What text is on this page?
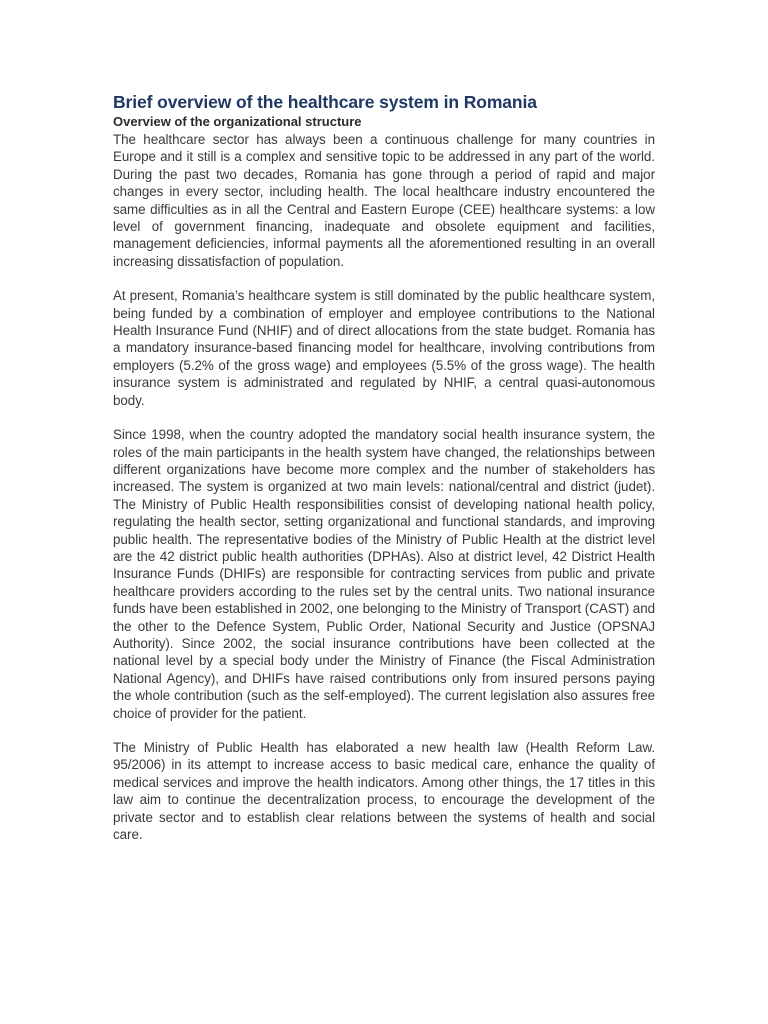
Brief overview of the healthcare system in Romania
Overview of the organizational structure

The healthcare sector has always been a continuous challenge for many countries in Europe and it still is a complex and sensitive topic to be addressed in any part of the world. During the past two decades, Romania has gone through a period of rapid and major changes in every sector, including health. The local healthcare industry encountered the same difficulties as in all the Central and Eastern Europe (CEE) healthcare systems: a low level of government financing, inadequate and obsolete equipment and facilities, management deficiencies, informal payments all the aforementioned resulting in an overall increasing dissatisfaction of population.

At present, Romania’s healthcare system is still dominated by the public healthcare system, being funded by a combination of employer and employee contributions to the National Health Insurance Fund (NHIF) and of direct allocations from the state budget. Romania has a mandatory insurance-based financing model for healthcare, involving contributions from employers (5.2% of the gross wage) and employees (5.5% of the gross wage). The health insurance system is administrated and regulated by NHIF, a central quasi-autonomous body.

Since 1998, when the country adopted the mandatory social health insurance system, the roles of the main participants in the health system have changed, the relationships between different organizations have become more complex and the number of stakeholders has increased. The system is organized at two main levels: national/central and district (judet). The Ministry of Public Health responsibilities consist of developing national health policy, regulating the health sector, setting organizational and functional standards, and improving public health. The representative bodies of the Ministry of Public Health at the district level are the 42 district public health authorities (DPHAs). Also at district level, 42 District Health Insurance Funds (DHIFs) are responsible for contracting services from public and private healthcare providers according to the rules set by the central units. Two national insurance funds have been established in 2002, one belonging to the Ministry of Transport (CAST) and the other to the Defence System, Public Order, National Security and Justice (OPSNAJ Authority). Since 2002, the social insurance contributions have been collected at the national level by a special body under the Ministry of Finance (the Fiscal Administration National Agency), and DHIFs have raised contributions only from insured persons paying the whole contribution (such as the self-employed). The current legislation also assures free choice of provider for the patient.

The Ministry of Public Health has elaborated a new health law (Health Reform Law. 95/2006) in its attempt to increase access to basic medical care, enhance the quality of medical services and improve the health indicators. Among other things, the 17 titles in this law aim to continue the decentralization process, to encourage the development of the private sector and to establish clear relations between the systems of health and social care.
